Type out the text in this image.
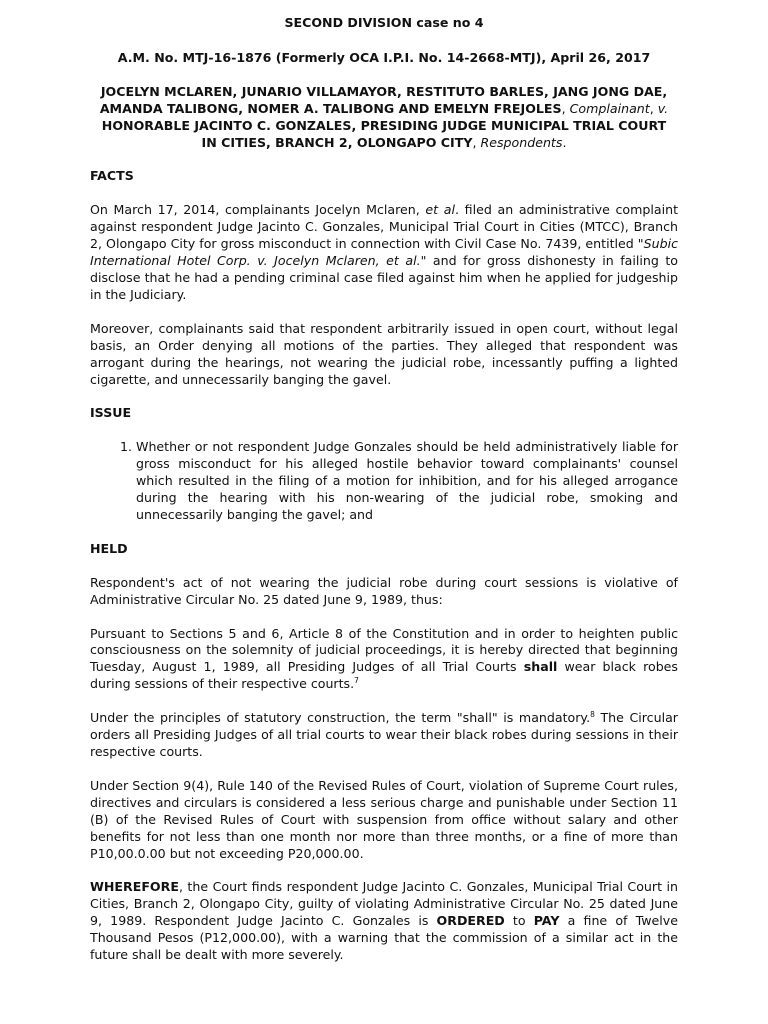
SECOND DIVISION case no 4
A.M. No. MTJ-16-1876 (Formerly OCA I.P.I. No. 14-2668-MTJ), April 26, 2017
JOCELYN MCLAREN, JUNARIO VILLAMAYOR, RESTITUTO BARLES, JANG JONG DAE, AMANDA TALIBONG, NOMER A. TALIBONG AND EMELYN FREJOLES, Complainant, v. HONORABLE JACINTO C. GONZALES, PRESIDING JUDGE MUNICIPAL TRIAL COURT IN CITIES, BRANCH 2, OLONGAPO CITY, Respondents.
FACTS

On March 17, 2014, complainants Jocelyn Mclaren, et al. filed an administrative complaint against respondent Judge Jacinto C. Gonzales, Municipal Trial Court in Cities (MTCC), Branch 2, Olongapo City for gross misconduct in connection with Civil Case No. 7439, entitled "Subic International Hotel Corp. v. Jocelyn Mclaren, et al." and for gross dishonesty in failing to disclose that he had a pending criminal case filed against him when he applied for judgeship in the Judiciary.

Moreover, complainants said that respondent arbitrarily issued in open court, without legal basis, an Order denying all motions of the parties. They alleged that respondent was arrogant during the hearings, not wearing the judicial robe, incessantly puffing a lighted cigarette, and unnecessarily banging the gavel.

ISSUE
1. Whether or not respondent Judge Gonzales should be held administratively liable for gross misconduct for his alleged hostile behavior toward complainants' counsel which resulted in the filing of a motion for inhibition, and for his alleged arrogance during the hearing with his non-wearing of the judicial robe, smoking and unnecessarily banging the gavel; and
HELD

Respondent's act of not wearing the judicial robe during court sessions is violative of Administrative Circular No. 25 dated June 9, 1989, thus:

Pursuant to Sections 5 and 6, Article 8 of the Constitution and in order to heighten public consciousness on the solemnity of judicial proceedings, it is hereby directed that beginning Tuesday, August 1, 1989, all Presiding Judges of all Trial Courts shall wear black robes during sessions of their respective courts.$^7$

Under the principles of statutory construction, the term "shall" is mandatory.$^8$ The Circular orders all Presiding Judges of all trial courts to wear their black robes during sessions in their respective courts.

Under Section 9(4), Rule 140 of the Revised Rules of Court, violation of Supreme Court rules, directives and circulars is considered a less serious charge and punishable under Section 11 (B) of the Revised Rules of Court with suspension from office without salary and other benefits for not less than one month nor more than three months, or a fine of more than P10,00.0.00 but not exceeding P20,000.00.

WHEREFORE, the Court finds respondent Judge Jacinto C. Gonzales, Municipal Trial Court in Cities, Branch 2, Olongapo City, guilty of violating Administrative Circular No. 25 dated June 9, 1989. Respondent Judge Jacinto C. Gonzales is ORDERED to PAY a fine of Twelve Thousand Pesos (P12,000.00), with a warning that the commission of a similar act in the future shall be dealt with more severely.
